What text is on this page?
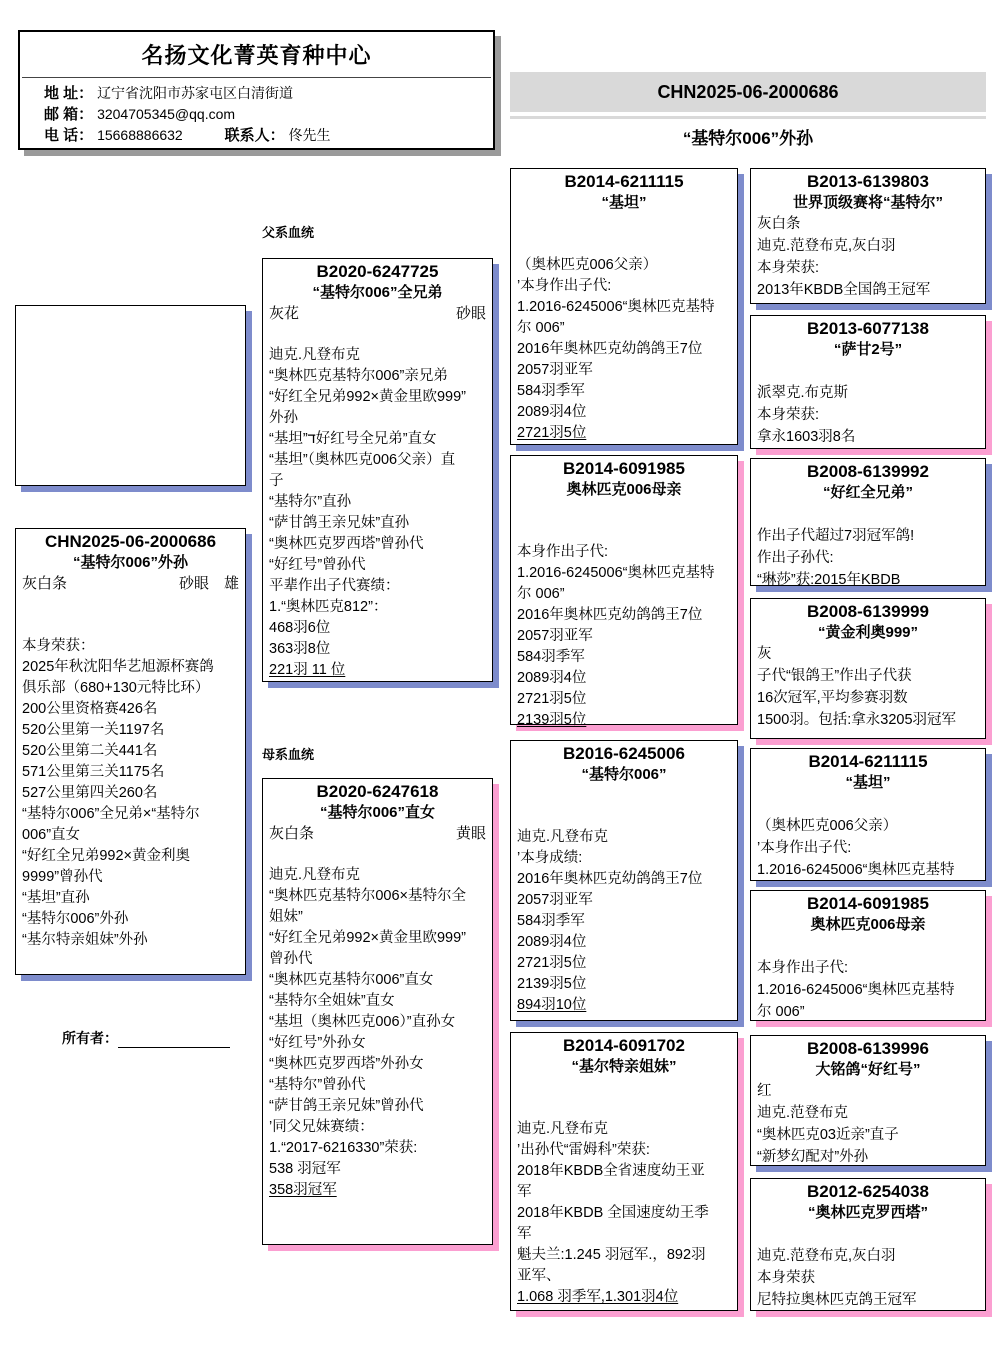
名扬文化菁英育种中心
地 址： 辽宁省沈阳市苏家屯区白清街道
邮 箱： 3204705345@qq.com
电 话： 15668886632	联系人： 佟先生
CHN2025-06-2000686
“基特尔006”外孙
CHN2025-06-2000686
“基特尔006”外孙
灰白条	砂眼　雄

本身荣获：
2025年秋沈阳华艺旭源杯赛鸽
俱乐部（680+130元特比环）
200公里资格赛426名
520公里第一关1197名
520公里第二关441名
571公里第三关1175名
527公里第四关260名
“基特尔006”全兄弟×“基特尔
006”直女
“好红全兄弟992×黄金利奥
9999”曾孙代
“基坦”直孙
“基特尔006”外孙
“基尔特亲姐妹”外孙
所有者：
父系血统
B2020-6247725
“基特尔006”全兄弟
灰花	砂眼

迪克.凡登布克
“奥林匹克基特尔006”亲兄弟
“好红全兄弟992×黄金里欧999”
外孙
“基坦”ד好红号全兄弟”直女
“基坦”（奥林匹克006父亲）直
子
“基特尔”直孙
“萨甘鸽王亲兄妹”直孙
“奥林匹克罗西塔”曾孙代
“好红号”曾孙代
平辈作出子代赛绩：
1.“奥林匹克812”：
468羽6位
363羽8位
221羽 11 位
母系血统
B2020-6247618
“基特尔006”直女
灰白条	黄眼

迪克.凡登布克
“奥林匹克基特尔006×基特尔全
姐妹”
“好红全兄弟992×黄金里欧999”
曾孙代
“奥林匹克基特尔006”直女
“基特尔全姐妹”直女
“基坦（奥林匹克006）”直孙女
“好红号”外孙女
“奥林匹克罗西塔”外孙女
“基特尔”曾孙代
“萨甘鸽王亲兄妹”曾孙代
’同父兄妹赛绩：
1.“2017-6216330”荣获:
538 羽冠军
358羽冠军
B2014-6211115
“基坦”

（奥林匹克006父亲）
’本身作出子代:
1.2016-6245006“奥林匹克基特
尔 006”
2016年奥林匹克幼鸽鸽王7位
2057羽亚军
584羽季军
2089羽4位
2721羽5位
B2014-6091985
奥林匹克006母亲

本身作出子代:
1.2016-6245006“奥林匹克基特
尔 006”
2016年奥林匹克幼鸽鸽王7位
2057羽亚军
584羽季军
2089羽4位
2721羽5位
2139羽5位
B2016-6245006
“基特尔006”

迪克.凡登布克
’本身成绩:
2016年奥林匹克幼鸽鸽王7位
2057羽亚军
584羽季军
2089羽4位
2721羽5位
2139羽5位
894羽10位
B2014-6091702
“基尔特亲姐妹”

迪克.凡登布克
’出孙代“雷姆科”荣获:
2018年KBDB全省速度幼王亚
军
2018年KBDB 全国速度幼王季
军
魁夫兰:1.245 羽冠军.，892羽
亚军、
1.068 羽季军,1.301羽4位
B2013-6139803
世界顶级赛将“基特尔”
灰白条
迪克.范登布克,灰白羽
本身荣获:
2013年KBDB全国鸽王冠军
B2013-6077138
“萨甘2号”

派翠克.布克斯
本身荣获:
拿永1603羽8名
B2008-6139992
“好红全兄弟”

作出子代超过7羽冠军鸽!
作出子孙代:
“琳莎”获:2015年KBDB
B2008-6139999
“黄金利奥999”
灰
子代“银鸽王”作出子代获
16次冠军,平均参赛羽数
1500羽。包括:拿永3205羽冠军
B2014-6211115
“基坦”

（奥林匹克006父亲）
’本身作出子代:
1.2016-6245006“奥林匹克基特
B2014-6091985
奥林匹克006母亲

本身作出子代:
1.2016-6245006“奥林匹克基特
尔 006”
B2008-6139996
大铭鸽“好红号”
红
迪克.范登布克
“奥林匹克03近亲”直子
“新梦幻配对”外孙
B2012-6254038
“奥林匹克罗西塔”

迪克.范登布克,灰白羽
本身荣获
尼特拉奥林匹克鸽王冠军
